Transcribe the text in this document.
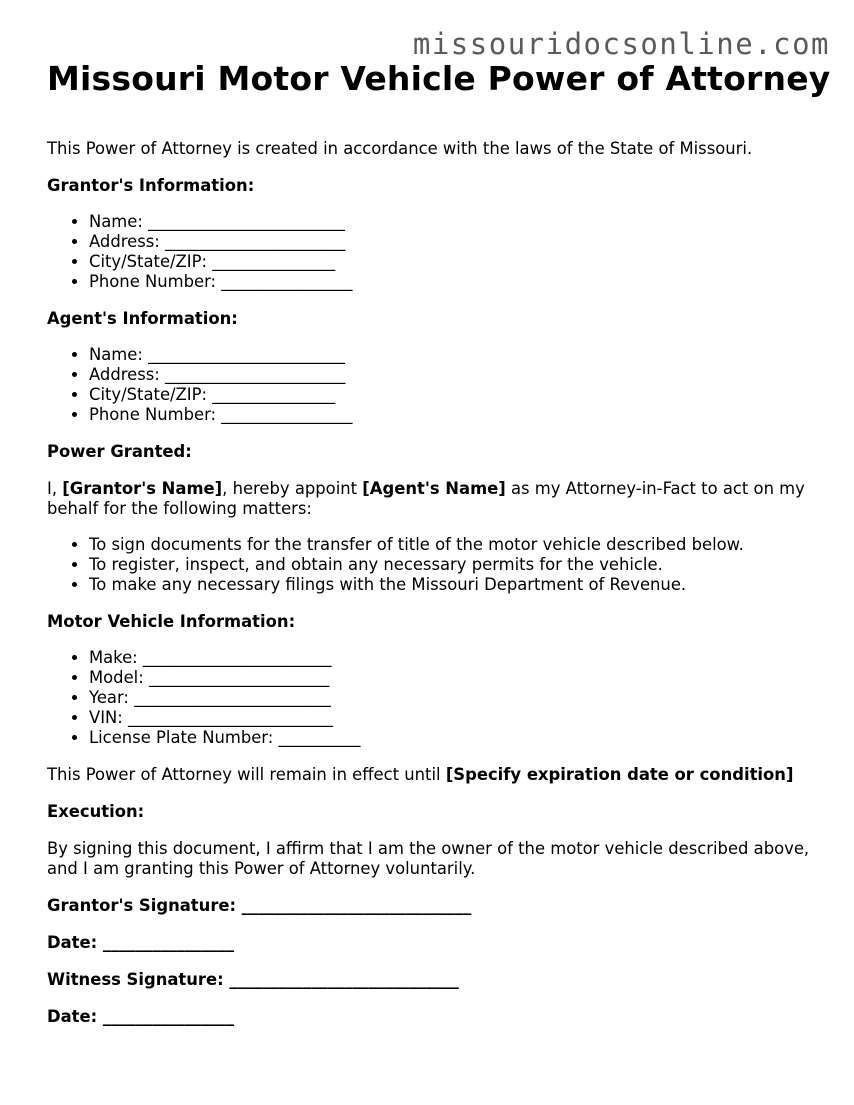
missouridocsonline.com
Missouri Motor Vehicle Power of Attorney

This Power of Attorney is created in accordance with the laws of the State of Missouri.

Grantor's Information:

• Name: ________________________
• Address: ______________________
• City/State/ZIP: _______________
• Phone Number: ________________

Agent's Information:

• Name: ________________________
• Address: ______________________
• City/State/ZIP: _______________
• Phone Number: ________________

Power Granted:

I, [Grantor's Name], hereby appoint [Agent's Name] as my Attorney-in-Fact to act on my behalf for the following matters:

• To sign documents for the transfer of title of the motor vehicle described below.
• To register, inspect, and obtain any necessary permits for the vehicle.
• To make any necessary filings with the Missouri Department of Revenue.

Motor Vehicle Information:

• Make: _______________________
• Model: ______________________
• Year: ________________________
• VIN: _________________________
• License Plate Number: __________

This Power of Attorney will remain in effect until [Specify expiration date or condition]

Execution:

By signing this document, I affirm that I am the owner of the motor vehicle described above, and I am granting this Power of Attorney voluntarily.

Grantor's Signature: ____________________________

Date: ________________

Witness Signature: ____________________________

Date: ________________
